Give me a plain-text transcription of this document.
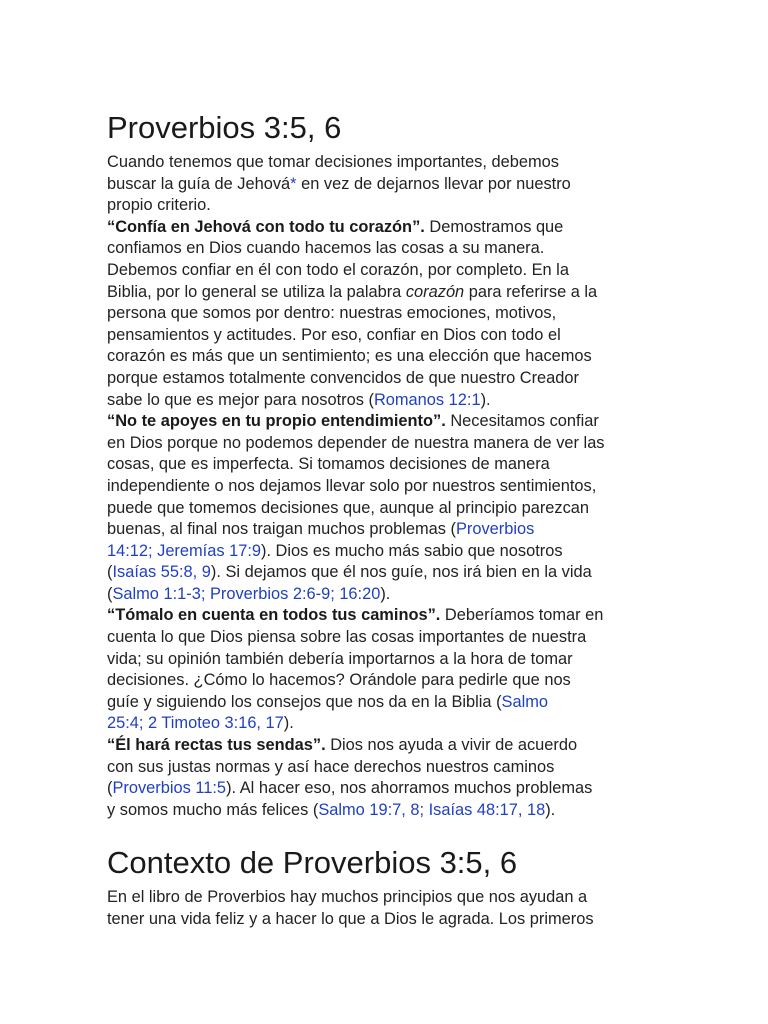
Proverbios 3:5, 6
Cuando tenemos que tomar decisiones importantes, debemos
buscar la guía de Jehová* en vez de dejarnos llevar por nuestro
propio criterio.
“Confía en Jehová con todo tu corazón”. Demostramos que
confiamos en Dios cuando hacemos las cosas a su manera.
Debemos confiar en él con todo el corazón, por completo. En la
Biblia, por lo general se utiliza la palabra corazón para referirse a la
persona que somos por dentro: nuestras emociones, motivos,
pensamientos y actitudes. Por eso, confiar en Dios con todo el
corazón es más que un sentimiento; es una elección que hacemos
porque estamos totalmente convencidos de que nuestro Creador
sabe lo que es mejor para nosotros (Romanos 12:1).
“No te apoyes en tu propio entendimiento”. Necesitamos confiar
en Dios porque no podemos depender de nuestra manera de ver las
cosas, que es imperfecta. Si tomamos decisiones de manera
independiente o nos dejamos llevar solo por nuestros sentimientos,
puede que tomemos decisiones que, aunque al principio parezcan
buenas, al final nos traigan muchos problemas (Proverbios
14:12; Jeremías 17:9). Dios es mucho más sabio que nosotros
(Isaías 55:8, 9). Si dejamos que él nos guíe, nos irá bien en la vida
(Salmo 1:1-3; Proverbios 2:6-9; 16:20).
“Tómalo en cuenta en todos tus caminos”. Deberíamos tomar en
cuenta lo que Dios piensa sobre las cosas importantes de nuestra
vida; su opinión también debería importarnos a la hora de tomar
decisiones. ¿Cómo lo hacemos? Orándole para pedirle que nos
guíe y siguiendo los consejos que nos da en la Biblia (Salmo
25:4; 2 Timoteo 3:16, 17).
“Él hará rectas tus sendas”. Dios nos ayuda a vivir de acuerdo
con sus justas normas y así hace derechos nuestros caminos
(Proverbios 11:5). Al hacer eso, nos ahorramos muchos problemas
y somos mucho más felices (Salmo 19:7, 8; Isaías 48:17, 18).
Contexto de Proverbios 3:5, 6
En el libro de Proverbios hay muchos principios que nos ayudan a
tener una vida feliz y a hacer lo que a Dios le agrada. Los primeros
